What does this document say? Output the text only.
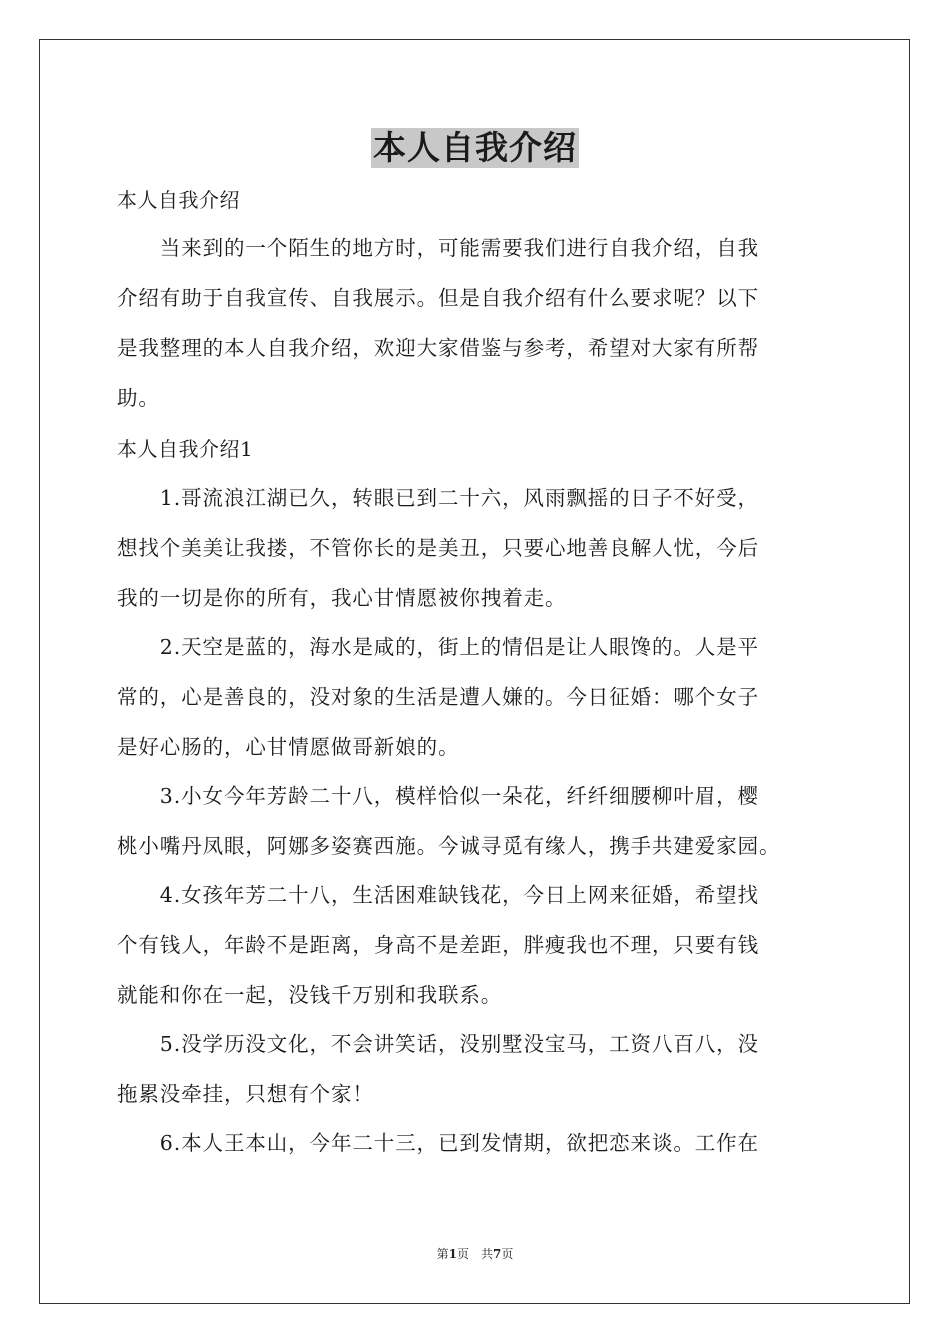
本人自我介绍
本人自我介绍
　　当来到的一个陌生的地方时，可能需要我们进行自我介绍，自我
介绍有助于自我宣传、自我展示。但是自我介绍有什么要求呢？以下
是我整理的本人自我介绍，欢迎大家借鉴与参考，希望对大家有所帮
助。
本人自我介绍1
　　1.哥流浪江湖已久，转眼已到二十六，风雨飘摇的日子不好受，
想找个美美让我搂，不管你长的是美丑，只要心地善良解人忧，今后
我的一切是你的所有，我心甘情愿被你拽着走。
　　2.天空是蓝的，海水是咸的，街上的情侣是让人眼馋的。人是平
常的，心是善良的，没对象的生活是遭人嫌的。今日征婚：哪个女子
是好心肠的，心甘情愿做哥新娘的。
　　3.小女今年芳龄二十八，模样恰似一朵花，纤纤细腰柳叶眉，樱
桃小嘴丹凤眼，阿娜多姿赛西施。今诚寻觅有缘人，携手共建爱家园。
　　4.女孩年芳二十八，生活困难缺钱花，今日上网来征婚，希望找
个有钱人，年龄不是距离，身高不是差距，胖瘦我也不理，只要有钱
就能和你在一起，没钱千万别和我联系。
　　5.没学历没文化，不会讲笑话，没别墅没宝马，工资八百八，没
拖累没牵挂，只想有个家！
　　6.本人王本山，今年二十三，已到发情期，欲把恋来谈。工作在
第1页　共7页
